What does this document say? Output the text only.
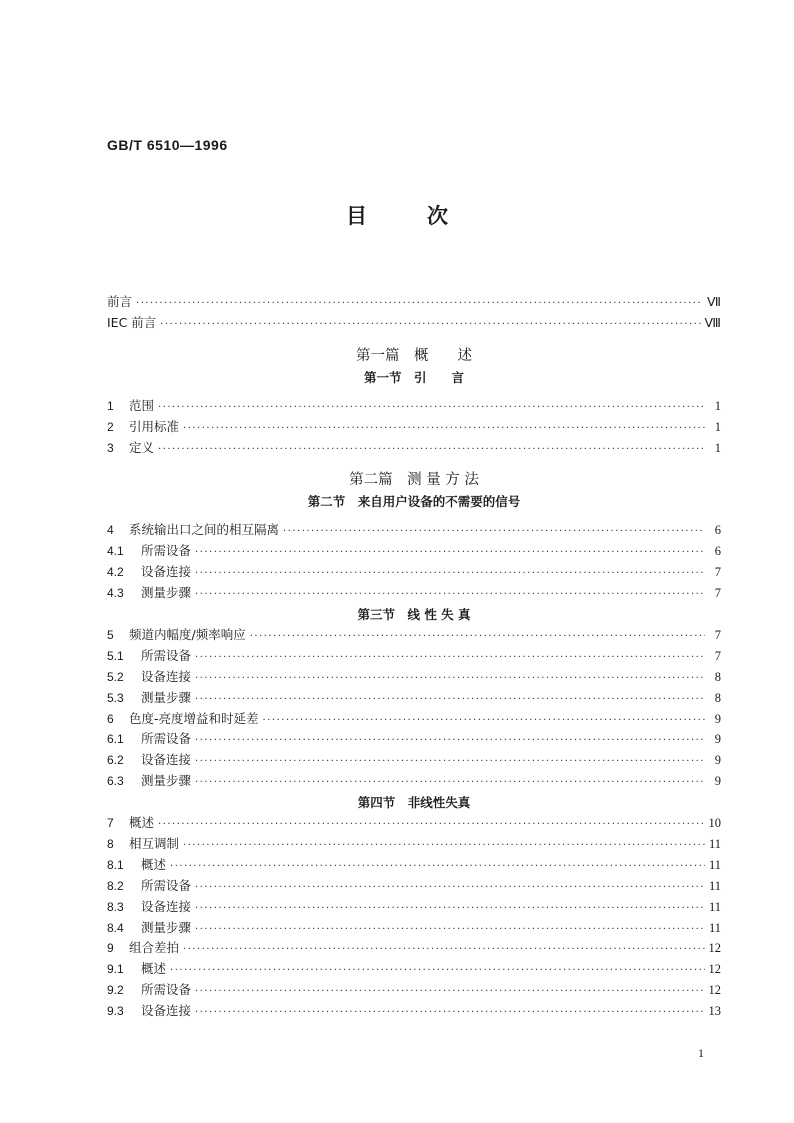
GB/T 6510—1996
目	次
前言 ·····	Ⅶ
IEC 前言 ·····	Ⅷ
第一篇　概　　述
第一节　引　　言
1	范围 ·····	1
2	引用标准 ·····	1
3	定义 ·····	1
第二篇　测 量 方 法
第二节　来自用户设备的不需要的信号
4	系统输出口之间的相互隔离 ·····	6
4.1	所需设备 ·····	6
4.2	设备连接 ·····	7
4.3	测量步骤 ·····	7
第三节　线 性 失 真
5	频道内幅度/频率响应 ·····	7
5.1	所需设备 ·····	7
5.2	设备连接 ·····	8
5.3	测量步骤 ·····	8
6	色度-亮度增益和时延差 ·····	9
6.1	所需设备 ·····	9
6.2	设备连接 ·····	9
6.3	测量步骤 ·····	9
第四节　非线性失真
7	概述 ·····	10
8	相互调制 ·····	11
8.1	概述 ·····	11
8.2	所需设备 ·····	11
8.3	设备连接 ·····	11
8.4	测量步骤 ·····	11
9	组合差拍 ·····	12
9.1	概述 ·····	12
9.2	所需设备 ·····	12
9.3	设备连接 ·····	13
1
